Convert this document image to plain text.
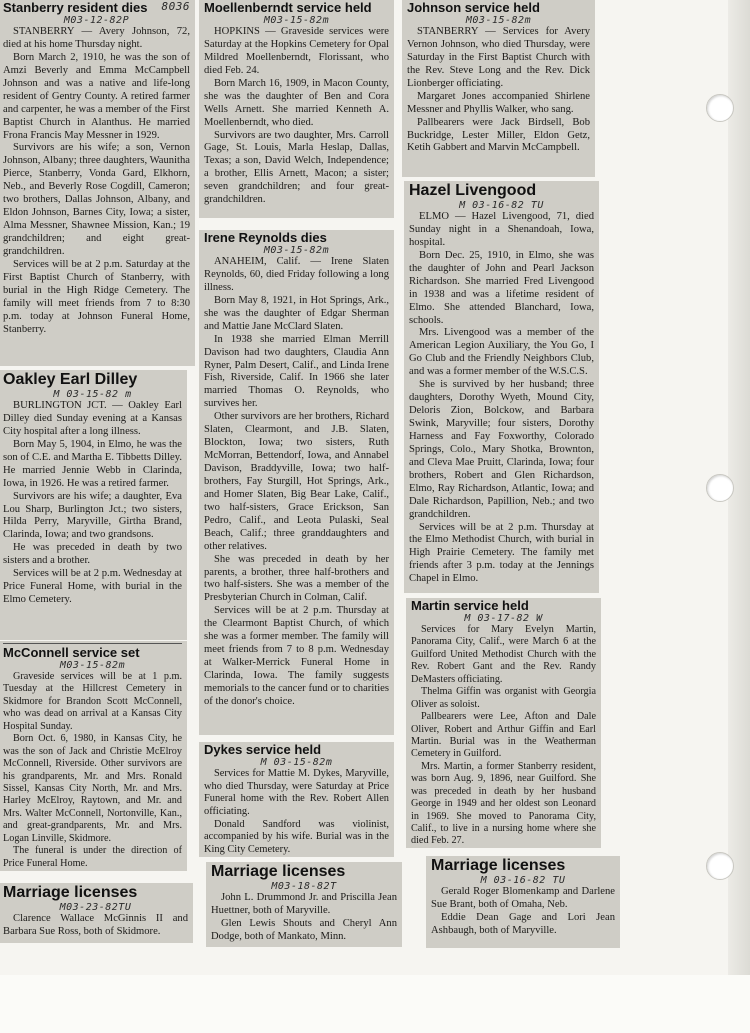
Stanberry resident dies	8036
M03-12-82P

STANBERRY — Avery Johnson, 72, died at his home Thursday night.

Born March 2, 1910, he was the son of Amzi Beverly and Emma McCampbell Johnson and was a native and life-long resident of Gentry County. A retired farmer and carpenter, he was a member of the First Baptist Church in Alanthus. He married Frona Francis May Messner in 1929.

Survivors are his wife; a son, Vernon Johnson, Albany; three daughters, Waunitha Pierce, Stanberry, Vonda Gard, Elkhorn, Neb., and Beverly Rose Cogdill, Cameron; two brothers, Dallas Johnson, Albany, and Eldon Johnson, Barnes City, Iowa; a sister, Alma Messner, Shawnee Mission, Kan.; 19 grandchildren; and eight great-grandchildren.

Services will be at 2 p.m. Saturday at the First Baptist Church of Stanberry, with burial in the High Ridge Cemetery. The family will meet friends from 7 to 8:30 p.m. today at Johnson Funeral Home, Stanberry.

Oakley Earl Dilley
M 03-15-82 m

BURLINGTON JCT. — Oakley Earl Dilley died Sunday evening at a Kansas City hospital after a long illness.

Born May 5, 1904, in Elmo, he was the son of C.E. and Martha E. Tibbetts Dilley. He married Jennie Webb in Clarinda, Iowa, in 1926. He was a retired farmer.

Survivors are his wife; a daughter, Eva Lou Sharp, Burlington Jct.; two sisters, Hilda Perry, Maryville, Girtha Brand, Clarinda, Iowa; and two grandsons.

He was preceded in death by two sisters and a brother.

Services will be at 2 p.m. Wednesday at Price Funeral Home, with burial in the Elmo Cemetery.

McConnell service set
M03-15-82m

Graveside services will be at 1 p.m. Tuesday at the Hillcrest Cemetery in Skidmore for Brandon Scott McConnell, who was dead on arrival at a Kansas City Hospital Sunday.

Born Oct. 6, 1980, in Kansas City, he was the son of Jack and Christie McElroy McConnell, Riverside. Other survivors are his grandparents, Mr. and Mrs. Ronald Sissel, Kansas City North, Mr. and Mrs. Harley McElroy, Raytown, and Mr. and Mrs. Walter McConnell, Nortonville, Kan., and great-grandparents, Mr. and Mrs. Logan Linville, Skidmore.

The funeral is under the direction of Price Funeral Home.

Marriage licenses
M03-23-82TU

Clarence Wallace McGinnis II and Barbara Sue Ross, both of Skidmore.

Moellenberndt service held
M03-15-82m

HOPKINS — Graveside services were Saturday at the Hopkins Cemetery for Opal Mildred Moellenberndt, Florissant, who died Feb. 24.

Born March 16, 1909, in Macon County, she was the daughter of Ben and Cora Wells Arnett. She married Kenneth A. Moellenberndt, who died.

Survivors are two daughter, Mrs. Carroll Gage, St. Louis, Marla Heslap, Dallas, Texas; a son, David Welch, Independence; a brother, Ellis Arnett, Macon; a sister; seven grandchildren; and four great-grandchildren.

Irene Reynolds dies
M03-15-82m

ANAHEIM, Calif. — Irene Slaten Reynolds, 60, died Friday following a long illness.

Born May 8, 1921, in Hot Springs, Ark., she was the daughter of Edgar Sherman and Mattie Jane McClard Slaten.

In 1938 she married Elman Merrill Davison had two daughters, Claudia Ann Ryner, Palm Desert, Calif., and Linda Irene Fish, Riverside, Calif. In 1966 she later married Thomas O. Reynolds, who survives her.

Other survivors are her brothers, Richard Slaten, Clearmont, and J.B. Slaten, Blockton, Iowa; two sisters, Ruth McMorran, Bettendorf, Iowa, and Annabel Davison, Braddyville, Iowa; two half-brothers, Fay Sturgill, Hot Springs, Ark., and Homer Slaten, Big Bear Lake, Calif., two half-sisters, Grace Erickson, San Pedro, Calif., and Leota Pulaski, Seal Beach, Calif.; three granddaughters and other relatives.

She was preceded in death by her parents, a brother, three half-brothers and two half-sisters. She was a member of the Presbyterian Church in Colman, Calif.

Services will be at 2 p.m. Thursday at the Clearmont Baptist Church, of which she was a former member. The family will meet friends from 7 to 8 p.m. Wednesday at Walker-Merrick Funeral Home in Clarinda, Iowa. The family suggests memorials to the cancer fund or to charities of the donor's choice.

Dykes service held
M 03-15-82m

Services for Mattie M. Dykes, Maryville, who died Thursday, were Saturday at Price Funeral home with the Rev. Robert Allen officiating.

Donald Sandford was violinist, accompanied by his wife. Burial was in the King City Cemetery.

Marriage licenses
M03-18-82T

John L. Drummond Jr. and Priscilla Jean Huettner, both of Maryville.

Glen Lewis Shouts and Cheryl Ann Dodge, both of Mankato, Minn.

Johnson service held
M03-15-82m

STANBERRY — Services for Avery Vernon Johnson, who died Thursday, were Saturday in the First Baptist Church with the Rev. Steve Long and the Rev. Dick Lionberger officiating.

Margaret Jones accompanied Shirlene Messner and Phyllis Walker, who sang.

Pallbearers were Jack Birdsell, Bob Buckridge, Lester Miller, Eldon Getz, Ketih Gabbert and Marvin McCampbell.

Hazel Livengood
M 03-16-82 TU

ELMO — Hazel Livengood, 71, died Sunday night in a Shenandoah, Iowa, hospital.

Born Dec. 25, 1910, in Elmo, she was the daughter of John and Pearl Jackson Richardson. She married Fred Livengood in 1938 and was a lifetime resident of Elmo. She attended Blanchard, Iowa, schools.

Mrs. Livengood was a member of the American Legion Auxiliary, the You Go, I Go Club and the Friendly Neighbors Club, and was a former member of the W.S.C.S.

She is survived by her husband; three daughters, Dorothy Wyeth, Mound City, Deloris Zion, Bolckow, and Barbara Swink, Maryville; four sisters, Dorothy Harness and Fay Foxworthy, Colorado Springs, Colo., Mary Shotka, Brownton, and Cleva Mae Pruitt, Clarinda, Iowa; four brothers, Robert and Glen Richardson, Elmo, Ray Richardson, Atlantic, Iowa; and Dale Richardson, Papillion, Neb.; and two grandchildren.

Services will be at 2 p.m. Thursday at the Elmo Methodist Church, with burial in High Prairie Cemetery. The family met friends after 3 p.m. today at the Jennings Chapel in Elmo.

Martin service held
M 03-17-82 W

Services for Mary Evelyn Martin, Panorama City, Calif., were March 6 at the Guilford United Methodist Church with the Rev. Robert Gant and the Rev. Randy DeMasters officiating.

Thelma Giffin was organist with Georgia Oliver as soloist.

Pallbearers were Lee, Afton and Dale Oliver, Robert and Arthur Giffin and Earl Martin. Burial was in the Weatherman Cemetery in Guilford.

Mrs. Martin, a former Stanberry resident, was born Aug. 9, 1896, near Guilford. She was preceded in death by her husband George in 1949 and her oldest son Leonard in 1969. She moved to Panorama City, Calif., to live in a nursing home where she died Feb. 27.

Marriage licenses
M 03-16-82 TU

Gerald Roger Blomenkamp and Darlene Sue Brant, both of Omaha, Neb.

Eddie Dean Gage and Lori Jean Ashbaugh, both of Maryville.
